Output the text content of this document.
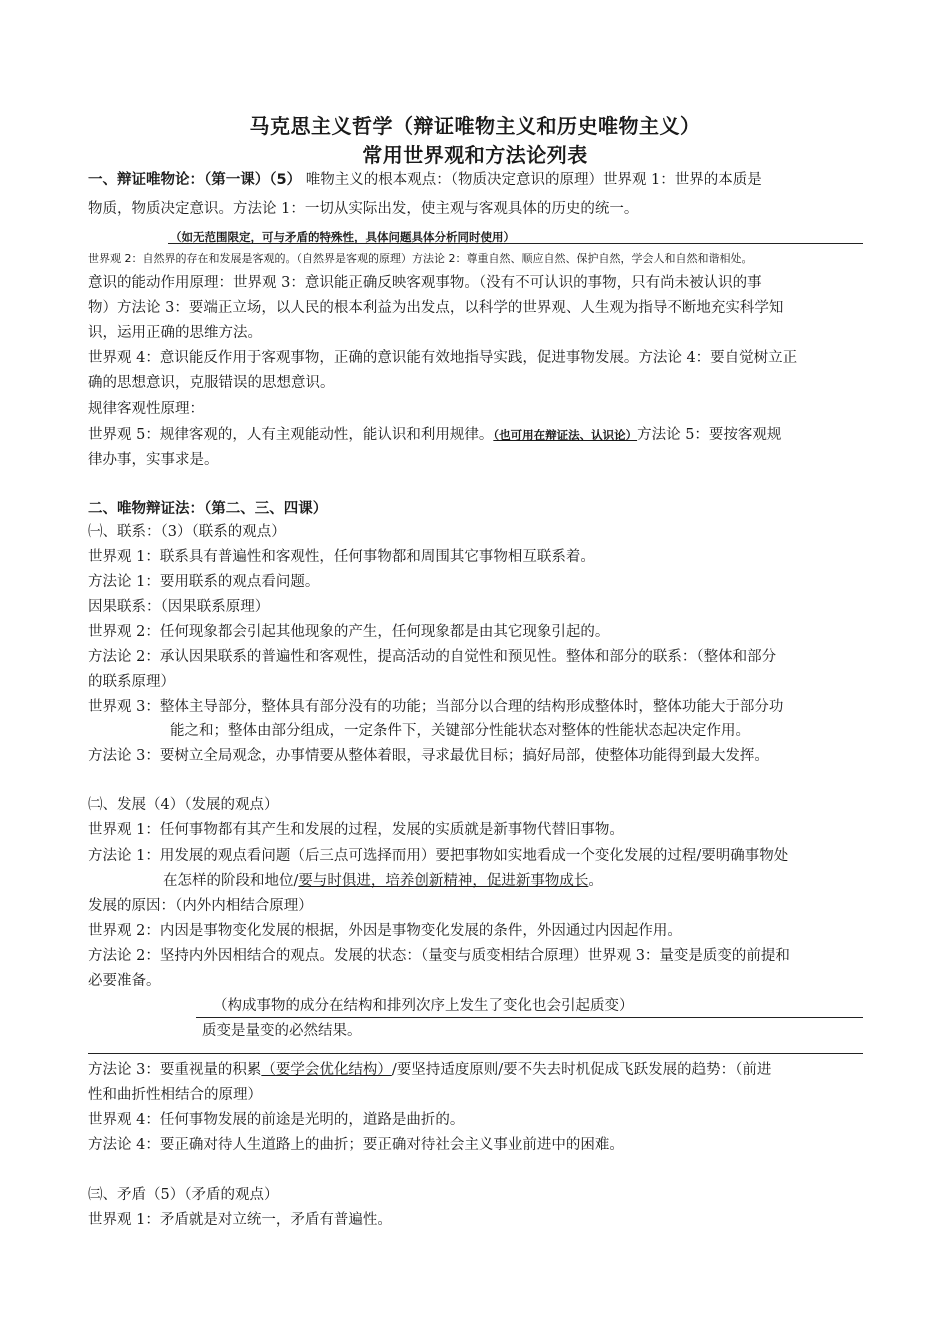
马克思主义哲学（辩证唯物主义和历史唯物主义）
常用世界观和方法论列表
一、辩证唯物论：（第一课）（5） 唯物主义的根本观点：（物质决定意识的原理）世界观 1：世界的本质是
物质，物质决定意识。方法论 1：一切从实际出发，使主观与客观具体的历史的统一。
（如无范围限定，可与矛盾的特殊性，具体问题具体分析同时使用）
世界观 2：自然界的存在和发展是客观的。（自然界是客观的原理）方法论 2：尊重自然、顺应自然、保护自然，学会人和自然和谐相处。
意识的能动作用原理：世界观 3：意识能正确反映客观事物。（没有不可认识的事物，只有尚未被认识的事
物）方法论 3：要端正立场，以人民的根本利益为出发点，以科学的世界观、人生观为指导不断地充实科学知
识，运用正确的思维方法。
世界观 4：意识能反作用于客观事物，正确的意识能有效地指导实践，促进事物发展。方法论 4：要自觉树立正
确的思想意识，克服错误的思想意识。
规律客观性原理：
世界观 5：规律客观的，人有主观能动性，能认识和利用规律。（也可用在辩证法、认识论）方法论 5：要按客观规
律办事，实事求是。
二、唯物辩证法：（第二、三、四课）
㈠、联系：（3）（联系的观点）
世界观 1：联系具有普遍性和客观性，任何事物都和周围其它事物相互联系着。
方法论 1：要用联系的观点看问题。
因果联系：（因果联系原理）
世界观 2：任何现象都会引起其他现象的产生，任何现象都是由其它现象引起的。
方法论 2：承认因果联系的普遍性和客观性，提高活动的自觉性和预见性。整体和部分的联系：（整体和部分
的联系原理）
世界观 3：整体主导部分，整体具有部分没有的功能；当部分以合理的结构形成整体时，整体功能大于部分功
能之和；整体由部分组成，一定条件下，关键部分性能状态对整体的性能状态起决定作用。
方法论 3：要树立全局观念，办事情要从整体着眼，寻求最优目标；搞好局部，使整体功能得到最大发挥。
㈡、发展（4）（发展的观点）
世界观 1：任何事物都有其产生和发展的过程，发展的实质就是新事物代替旧事物。
方法论 1：用发展的观点看问题（后三点可选择而用）要把事物如实地看成一个变化发展的过程/要明确事物处
在怎样的阶段和地位/要与时俱进，培养创新精神，促进新事物成长。
发展的原因：（内外内相结合原理）
世界观 2：内因是事物变化发展的根据，外因是事物变化发展的条件，外因通过内因起作用。
方法论 2：坚持内外因相结合的观点。发展的状态：（量变与质变相结合原理）世界观 3：量变是质变的前提和
必要准备。
（构成事物的成分在结构和排列次序上发生了变化也会引起质变）
质变是量变的必然结果。
方法论 3：要重视量的积累（要学会优化结构）/要坚持适度原则/要不失去时机促成飞跃发展的趋势：（前进
性和曲折性相结合的原理）
世界观 4：任何事物发展的前途是光明的，道路是曲折的。
方法论 4：要正确对待人生道路上的曲折；要正确对待社会主义事业前进中的困难。
㈢、矛盾（5）（矛盾的观点）
世界观 1：矛盾就是对立统一，矛盾有普遍性。
